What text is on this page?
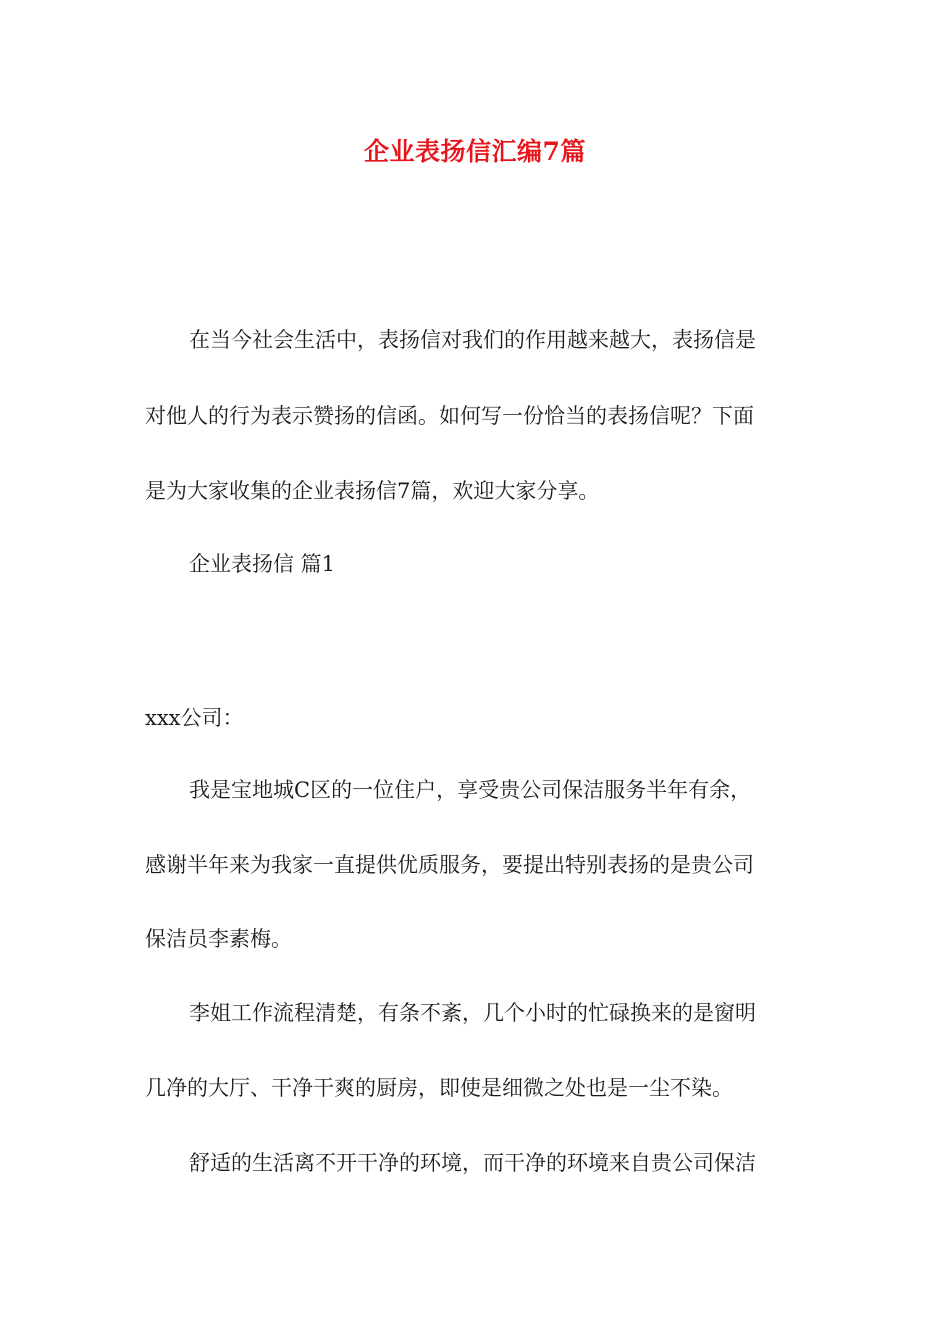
企业表扬信汇编7篇
在当今社会生活中，表扬信对我们的作用越来越大，表扬信是
对他人的行为表示赞扬的信函。如何写一份恰当的表扬信呢？下面
是为大家收集的企业表扬信7篇，欢迎大家分享。
企业表扬信 篇1
xxx公司：
我是宝地城C区的一位住户，享受贵公司保洁服务半年有余，
感谢半年来为我家一直提供优质服务，要提出特别表扬的是贵公司
保洁员李素梅。
李姐工作流程清楚，有条不紊，几个小时的忙碌换来的是窗明
几净的大厅、干净干爽的厨房，即使是细微之处也是一尘不染。
舒适的生活离不开干净的环境，而干净的环境来自贵公司保洁
